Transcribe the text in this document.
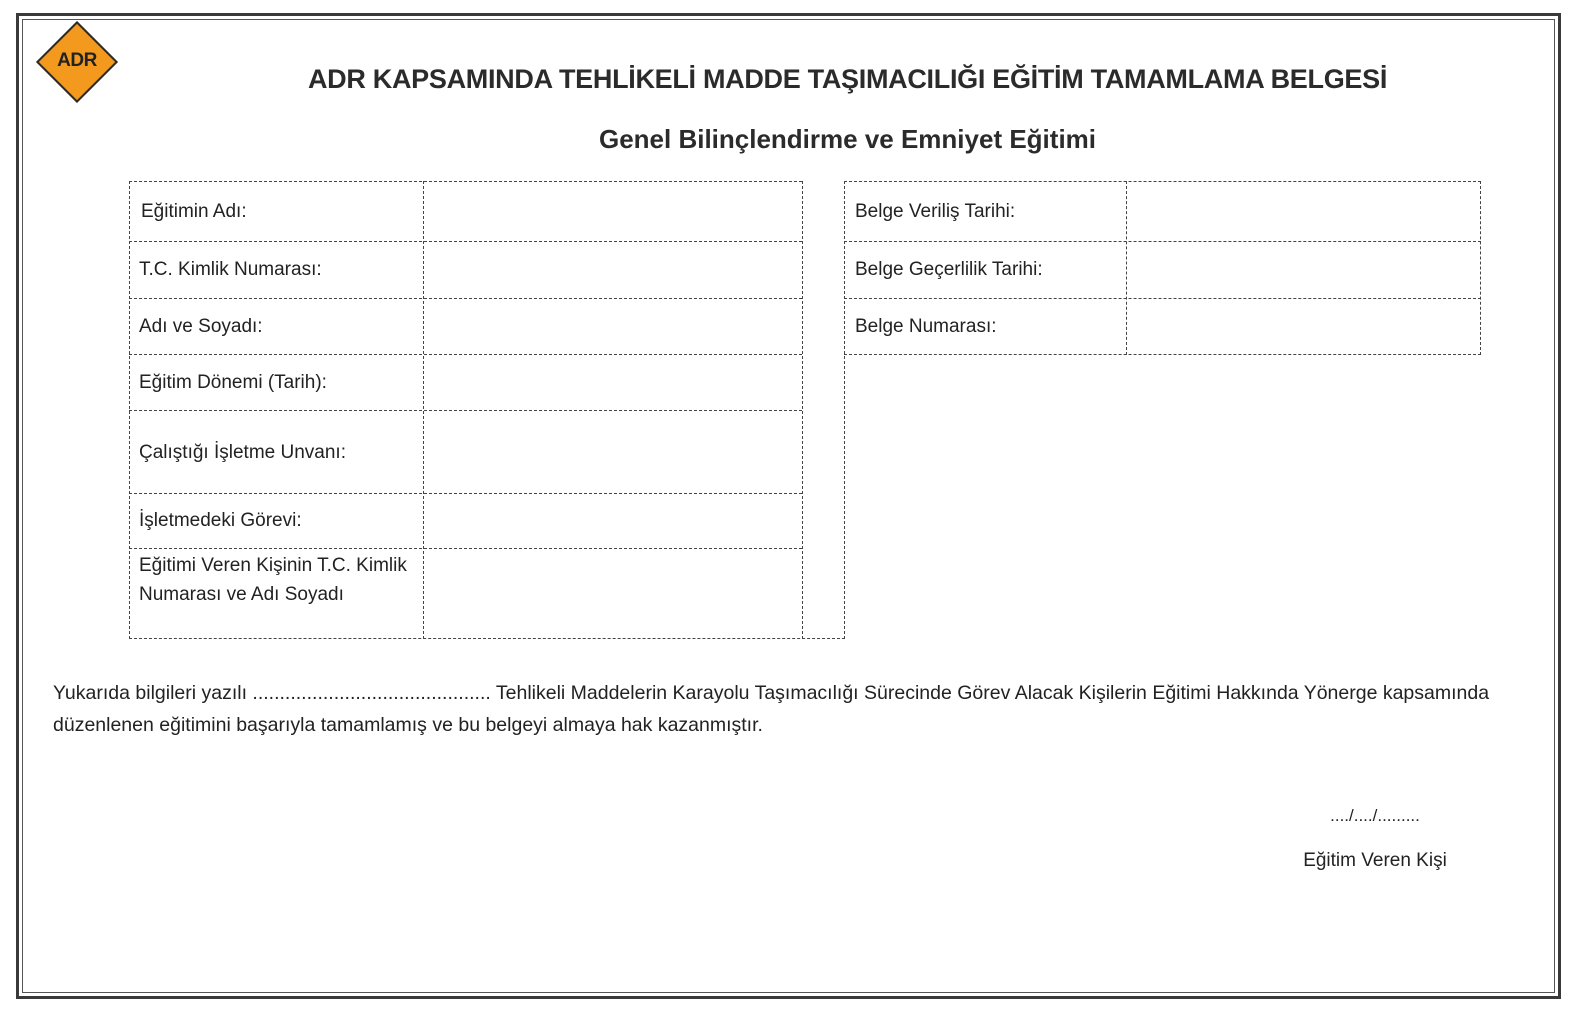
ADR
ADR KAPSAMINDA TEHLİKELİ MADDE TAŞIMACILIĞI EĞİTİM TAMAMLAMA BELGESİ
Genel Bilinçlendirme ve Emniyet Eğitimi
Eğitimin Adı:
T.C. Kimlik Numarası:
Adı ve Soyadı:
Eğitim Dönemi (Tarih):
Çalıştığı İşletme Unvanı:
İşletmedeki Görevi:
Eğitimi Veren Kişinin T.C. Kimlik Numarası ve Adı Soyadı
Belge Veriliş Tarihi:
Belge Geçerlilik Tarihi:
Belge Numarası:
Yukarıda bilgileri yazılı ............................................ Tehlikeli Maddelerin Karayolu Taşımacılığı Sürecinde Görev Alacak Kişilerin Eğitimi Hakkında Yönerge kapsamında düzenlenen eğitimini başarıyla tamamlamış ve bu belgeyi almaya hak kazanmıştır.
..../..../.........
Eğitim Veren Kişi
